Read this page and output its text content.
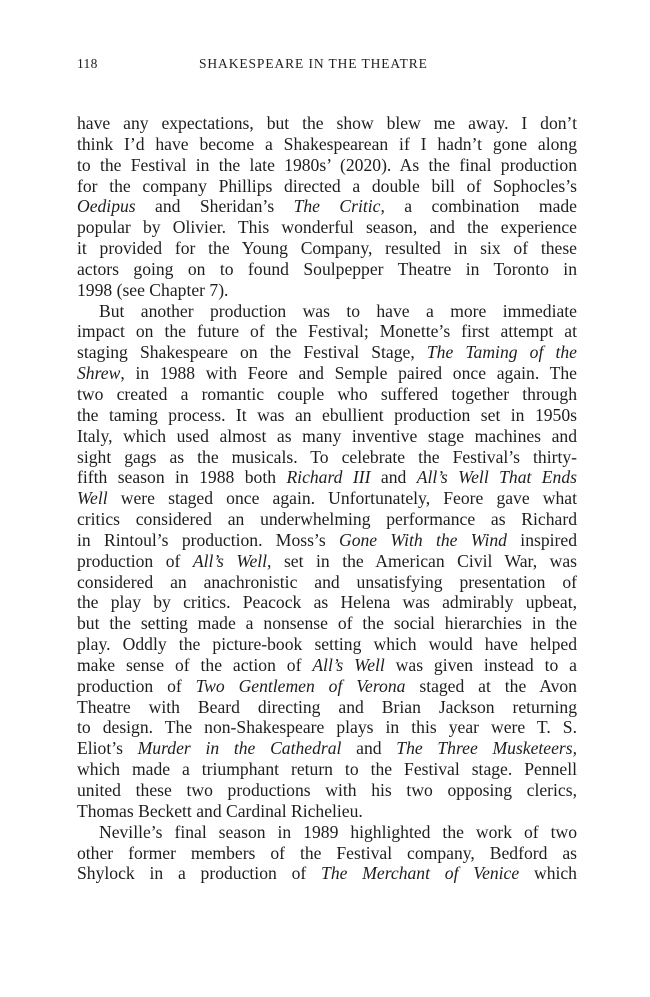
118	SHAKESPEARE IN THE THEATRE
have any expectations, but the show blew me away. I don’t
think I’d have become a Shakespearean if I hadn’t gone along
to the Festival in the late 1980s’ (2020). As the final production
for the company Phillips directed a double bill of Sophocles’s
Oedipus and Sheridan’s The Critic, a combination made
popular by Olivier. This wonderful season, and the experience
it provided for the Young Company, resulted in six of these
actors going on to found Soulpepper Theatre in Toronto in
1998 (see Chapter 7).
But another production was to have a more immediate
impact on the future of the Festival; Monette’s first attempt at
staging Shakespeare on the Festival Stage, The Taming of the
Shrew, in 1988 with Feore and Semple paired once again. The
two created a romantic couple who suffered together through
the taming process. It was an ebullient production set in 1950s
Italy, which used almost as many inventive stage machines and
sight gags as the musicals. To celebrate the Festival’s thirty-
fifth season in 1988 both Richard III and All’s Well That Ends
Well were staged once again. Unfortunately, Feore gave what
critics considered an underwhelming performance as Richard
in Rintoul’s production. Moss’s Gone With the Wind inspired
production of All’s Well, set in the American Civil War, was
considered an anachronistic and unsatisfying presentation of
the play by critics. Peacock as Helena was admirably upbeat,
but the setting made a nonsense of the social hierarchies in the
play. Oddly the picture-book setting which would have helped
make sense of the action of All’s Well was given instead to a
production of Two Gentlemen of Verona staged at the Avon
Theatre with Beard directing and Brian Jackson returning
to design. The non-Shakespeare plays in this year were T. S.
Eliot’s Murder in the Cathedral and The Three Musketeers,
which made a triumphant return to the Festival stage. Pennell
united these two productions with his two opposing clerics,
Thomas Beckett and Cardinal Richelieu.
Neville’s final season in 1989 highlighted the work of two
other former members of the Festival company, Bedford as
Shylock in a production of The Merchant of Venice which
